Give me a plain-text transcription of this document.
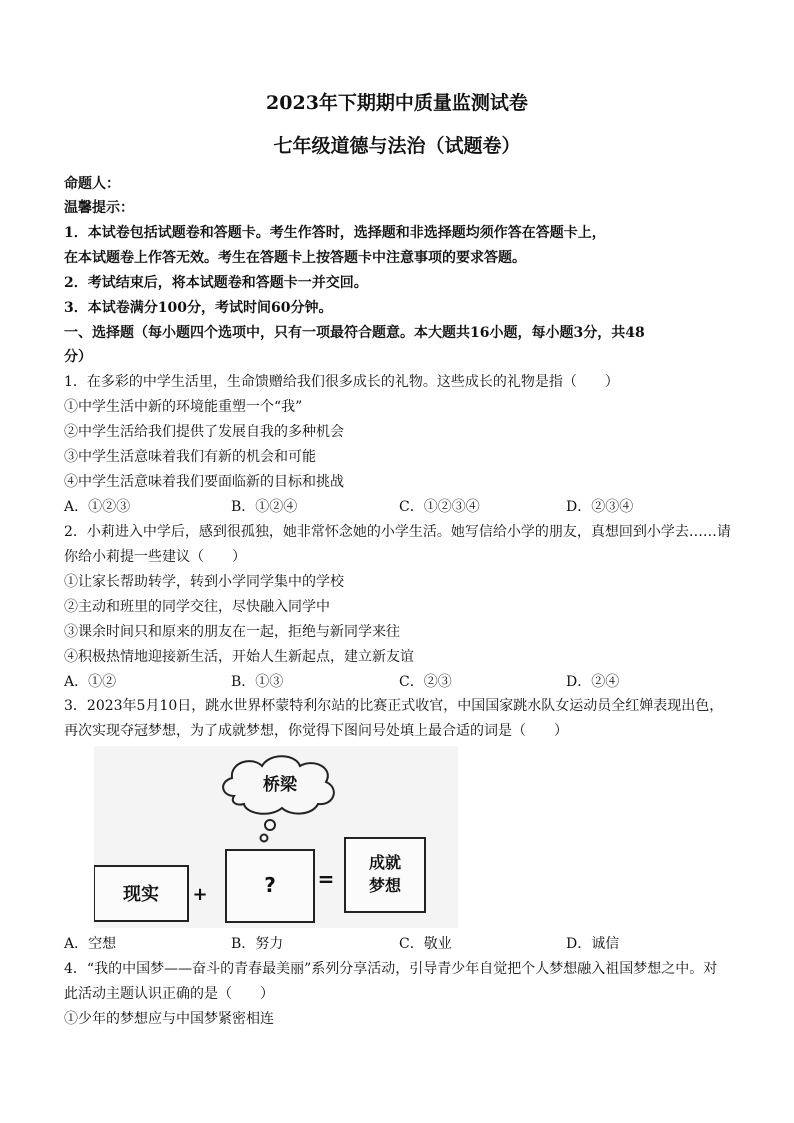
2023年下期期中质量监测试卷
七年级道德与法治（试题卷）
命题人：
温馨提示：
1．本试卷包括试题卷和答题卡。考生作答时，选择题和非选择题均须作答在答题卡上，
在本试题卷上作答无效。考生在答题卡上按答题卡中注意事项的要求答题。
2．考试结束后，将本试题卷和答题卡一并交回。
3．本试卷满分100分，考试时间60分钟。
一、选择题（每小题四个选项中，只有一项最符合题意。本大题共16小题，每小题3分，共48
分）
1．在多彩的中学生活里，生命馈赠给我们很多成长的礼物。这些成长的礼物是指（　　）
①中学生活中新的环境能重塑一个“我”
②中学生活给我们提供了发展自我的多种机会
③中学生活意味着我们有新的机会和可能
④中学生活意味着我们要面临新的目标和挑战
A．①②③	B．①②④	C．①②③④	D．②③④
2．小莉进入中学后，感到很孤独，她非常怀念她的小学生活。她写信给小学的朋友，真想回到小学去……请
你给小莉提一些建议（　　）
①让家长帮助转学，转到小学同学集中的学校
②主动和班里的同学交往，尽快融入同学中
③课余时间只和原来的朋友在一起，拒绝与新同学来往
④积极热情地迎接新生活，开始人生新起点，建立新友谊
A．①②	B．①③	C．②③	D．②④
3．2023年5月10日，跳水世界杯蒙特利尔站的比赛正式收官，中国国家跳水队女运动员全红婵表现出色，
再次实现夺冠梦想，为了成就梦想，你觉得下图问号处填上最合适的词是（　　）
桥梁
现实 +	? =
成就
梦想
A．空想	B．努力	C．敬业	D．诚信
4．“我的中国梦——奋斗的青春最美丽”系列分享活动，引导青少年自觉把个人梦想融入祖国梦想之中。对
此活动主题认识正确的是（　　）
①少年的梦想应与中国梦紧密相连
